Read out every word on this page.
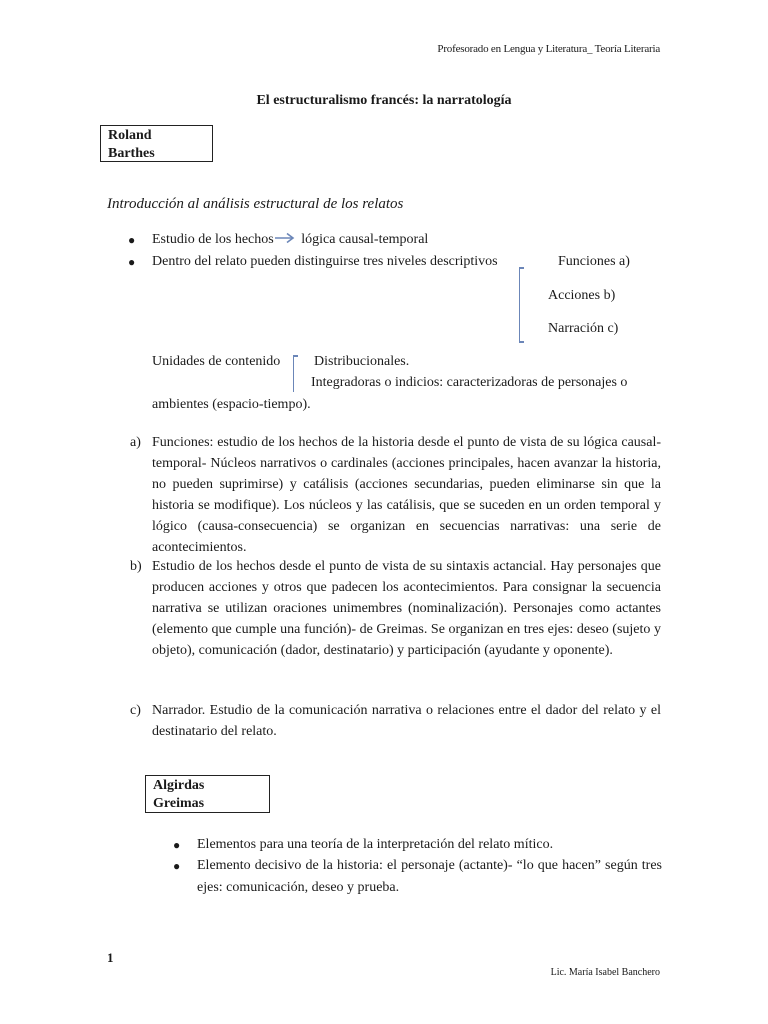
Profesorado en Lengua y Literatura_ Teoría Literaria
El estructuralismo francés: la narratología
Roland
Barthes
Introducción al análisis estructural de los relatos
● Estudio de los hechos lógica causal-temporal
● Dentro del relato pueden distinguirse tres niveles descriptivos	Funciones a)
Acciones b)
Narración c)
Unidades de contenido Distribucionales.
Integradoras o indicios: caracterizadoras de personajes o
ambientes (espacio-tiempo).
a) Funciones: estudio de los hechos de la historia desde el punto de vista de su lógica causal-temporal- Núcleos narrativos o cardinales (acciones principales, hacen avanzar la historia, no pueden suprimirse) y catálisis (acciones secundarias, pueden eliminarse sin que la historia se modifique). Los núcleos y las catálisis, que se suceden en un orden temporal y lógico (causa-consecuencia) se organizan en secuencias narrativas: una serie de acontecimientos.
b) Estudio de los hechos desde el punto de vista de su sintaxis actancial. Hay personajes que producen acciones y otros que padecen los acontecimientos. Para consignar la secuencia narrativa se utilizan oraciones unimembres (nominalización). Personajes como actantes (elemento que cumple una función)- de Greimas. Se organizan en tres ejes: deseo (sujeto y objeto), comunicación (dador, destinatario) y participación (ayudante y oponente).
c) Narrador. Estudio de la comunicación narrativa o relaciones entre el dador del relato y el destinatario del relato.
Algirdas
Greimas
● Elementos para una teoría de la interpretación del relato mítico.
● Elemento decisivo de la historia: el personaje (actante)- “lo que hacen” según tres ejes: comunicación, deseo y prueba.
1
Lic. María Isabel Banchero
